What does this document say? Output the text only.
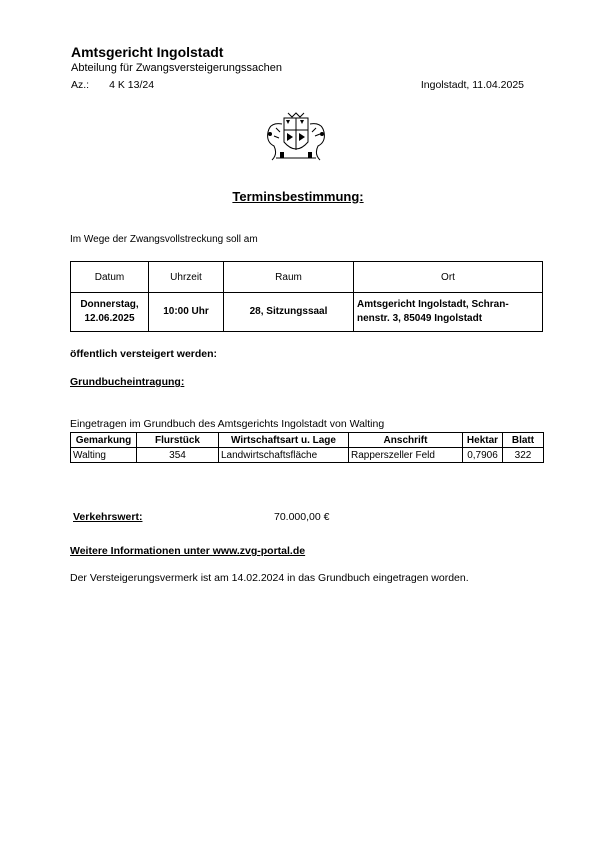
Amtsgericht Ingolstadt
Abteilung für Zwangsversteigerungssachen
Az.: 4 K 13/24	Ingolstadt, 11.04.2025
Terminsbestimmung:
Im Wege der Zwangsvollstreckung soll am
Datum	Uhrzeit	Raum	Ort
Donnerstag,
12.06.2025	10:00 Uhr	28, Sitzungssaal	Amtsgericht Ingolstadt, Schran-
nenstr. 3, 85049 Ingolstadt
öffentlich versteigert werden:
Grundbucheintragung:
Eingetragen im Grundbuch des Amtsgerichts Ingolstadt von Walting
Gemarkung	Flurstück	Wirtschaftsart u. Lage	Anschrift	Hektar	Blatt
Walting	354	Landwirtschaftsfläche	Rapperszeller Feld	0,7906	322
Verkehrswert:	70.000,00 €
Weitere Informationen unter www.zvg-portal.de
Der Versteigerungsvermerk ist am 14.02.2024 in das Grundbuch eingetragen worden.
